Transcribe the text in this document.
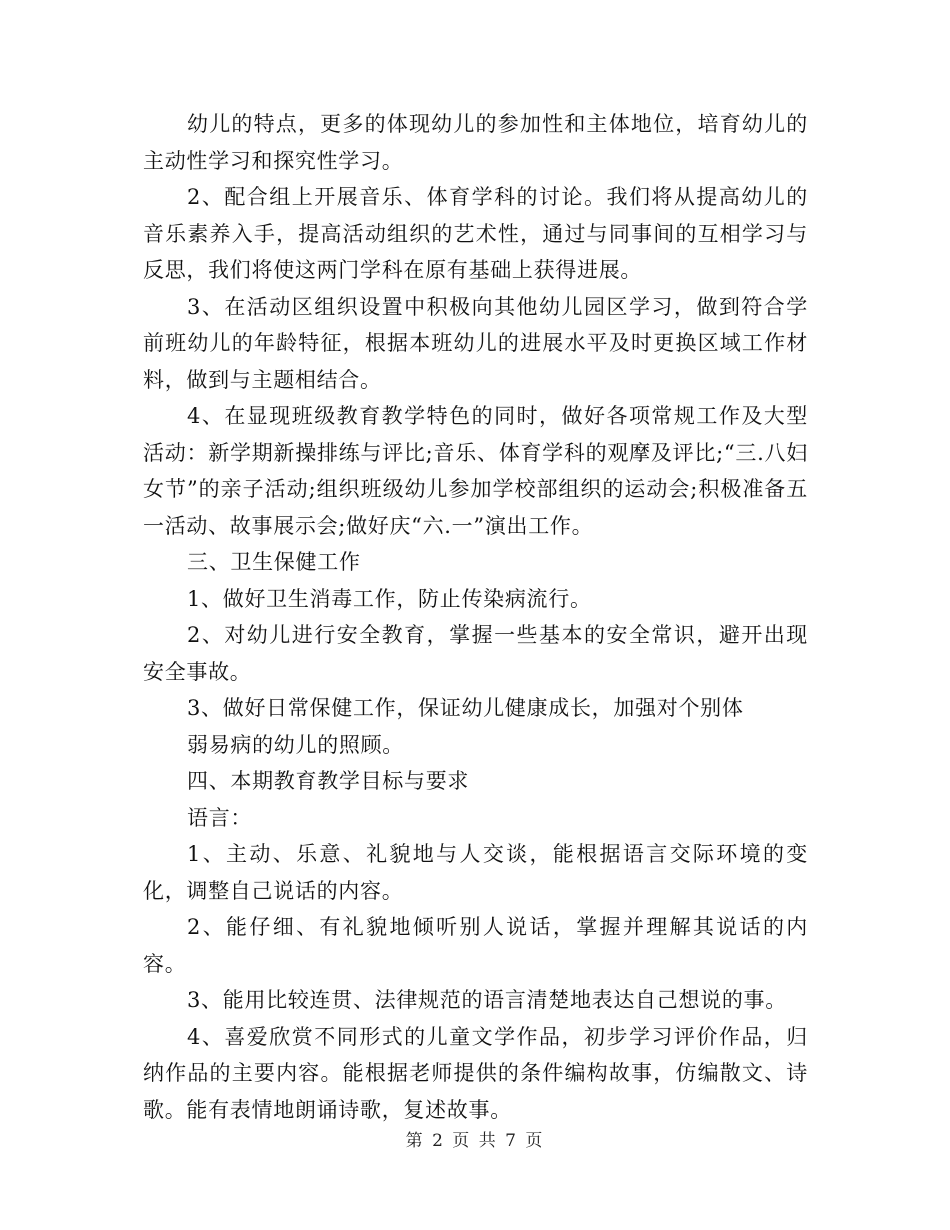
幼儿的特点，更多的体现幼儿的参加性和主体地位，培育幼儿的主动性学习和探究性学习。

2、配合组上开展音乐、体育学科的讨论。我们将从提高幼儿的音乐素养入手，提高活动组织的艺术性，通过与同事间的互相学习与反思，我们将使这两门学科在原有基础上获得进展。

3、在活动区组织设置中积极向其他幼儿园区学习，做到符合学前班幼儿的年龄特征，根据本班幼儿的进展水平及时更换区域工作材料，做到与主题相结合。

4、在显现班级教育教学特色的同时，做好各项常规工作及大型活动：新学期新操排练与评比;音乐、体育学科的观摩及评比;“三.八妇女节”的亲子活动;组织班级幼儿参加学校部组织的运动会;积极准备五一活动、故事展示会;做好庆“六.一”演出工作。

三、卫生保健工作

1、做好卫生消毒工作，防止传染病流行。

2、对幼儿进行安全教育，掌握一些基本的安全常识，避开出现安全事故。

3、做好日常保健工作，保证幼儿健康成长，加强对个别体

弱易病的幼儿的照顾。

四、本期教育教学目标与要求

语言：

1、主动、乐意、礼貌地与人交谈，能根据语言交际环境的变化，调整自己说话的内容。

2、能仔细、有礼貌地倾听别人说话，掌握并理解其说话的内容。

3、能用比较连贯、法律规范的语言清楚地表达自己想说的事。

4、喜爱欣赏不同形式的儿童文学作品，初步学习评价作品，归纳作品的主要内容。能根据老师提供的条件编构故事，仿编散文、诗歌。能有表情地朗诵诗歌，复述故事。

第 2 页 共 7 页
